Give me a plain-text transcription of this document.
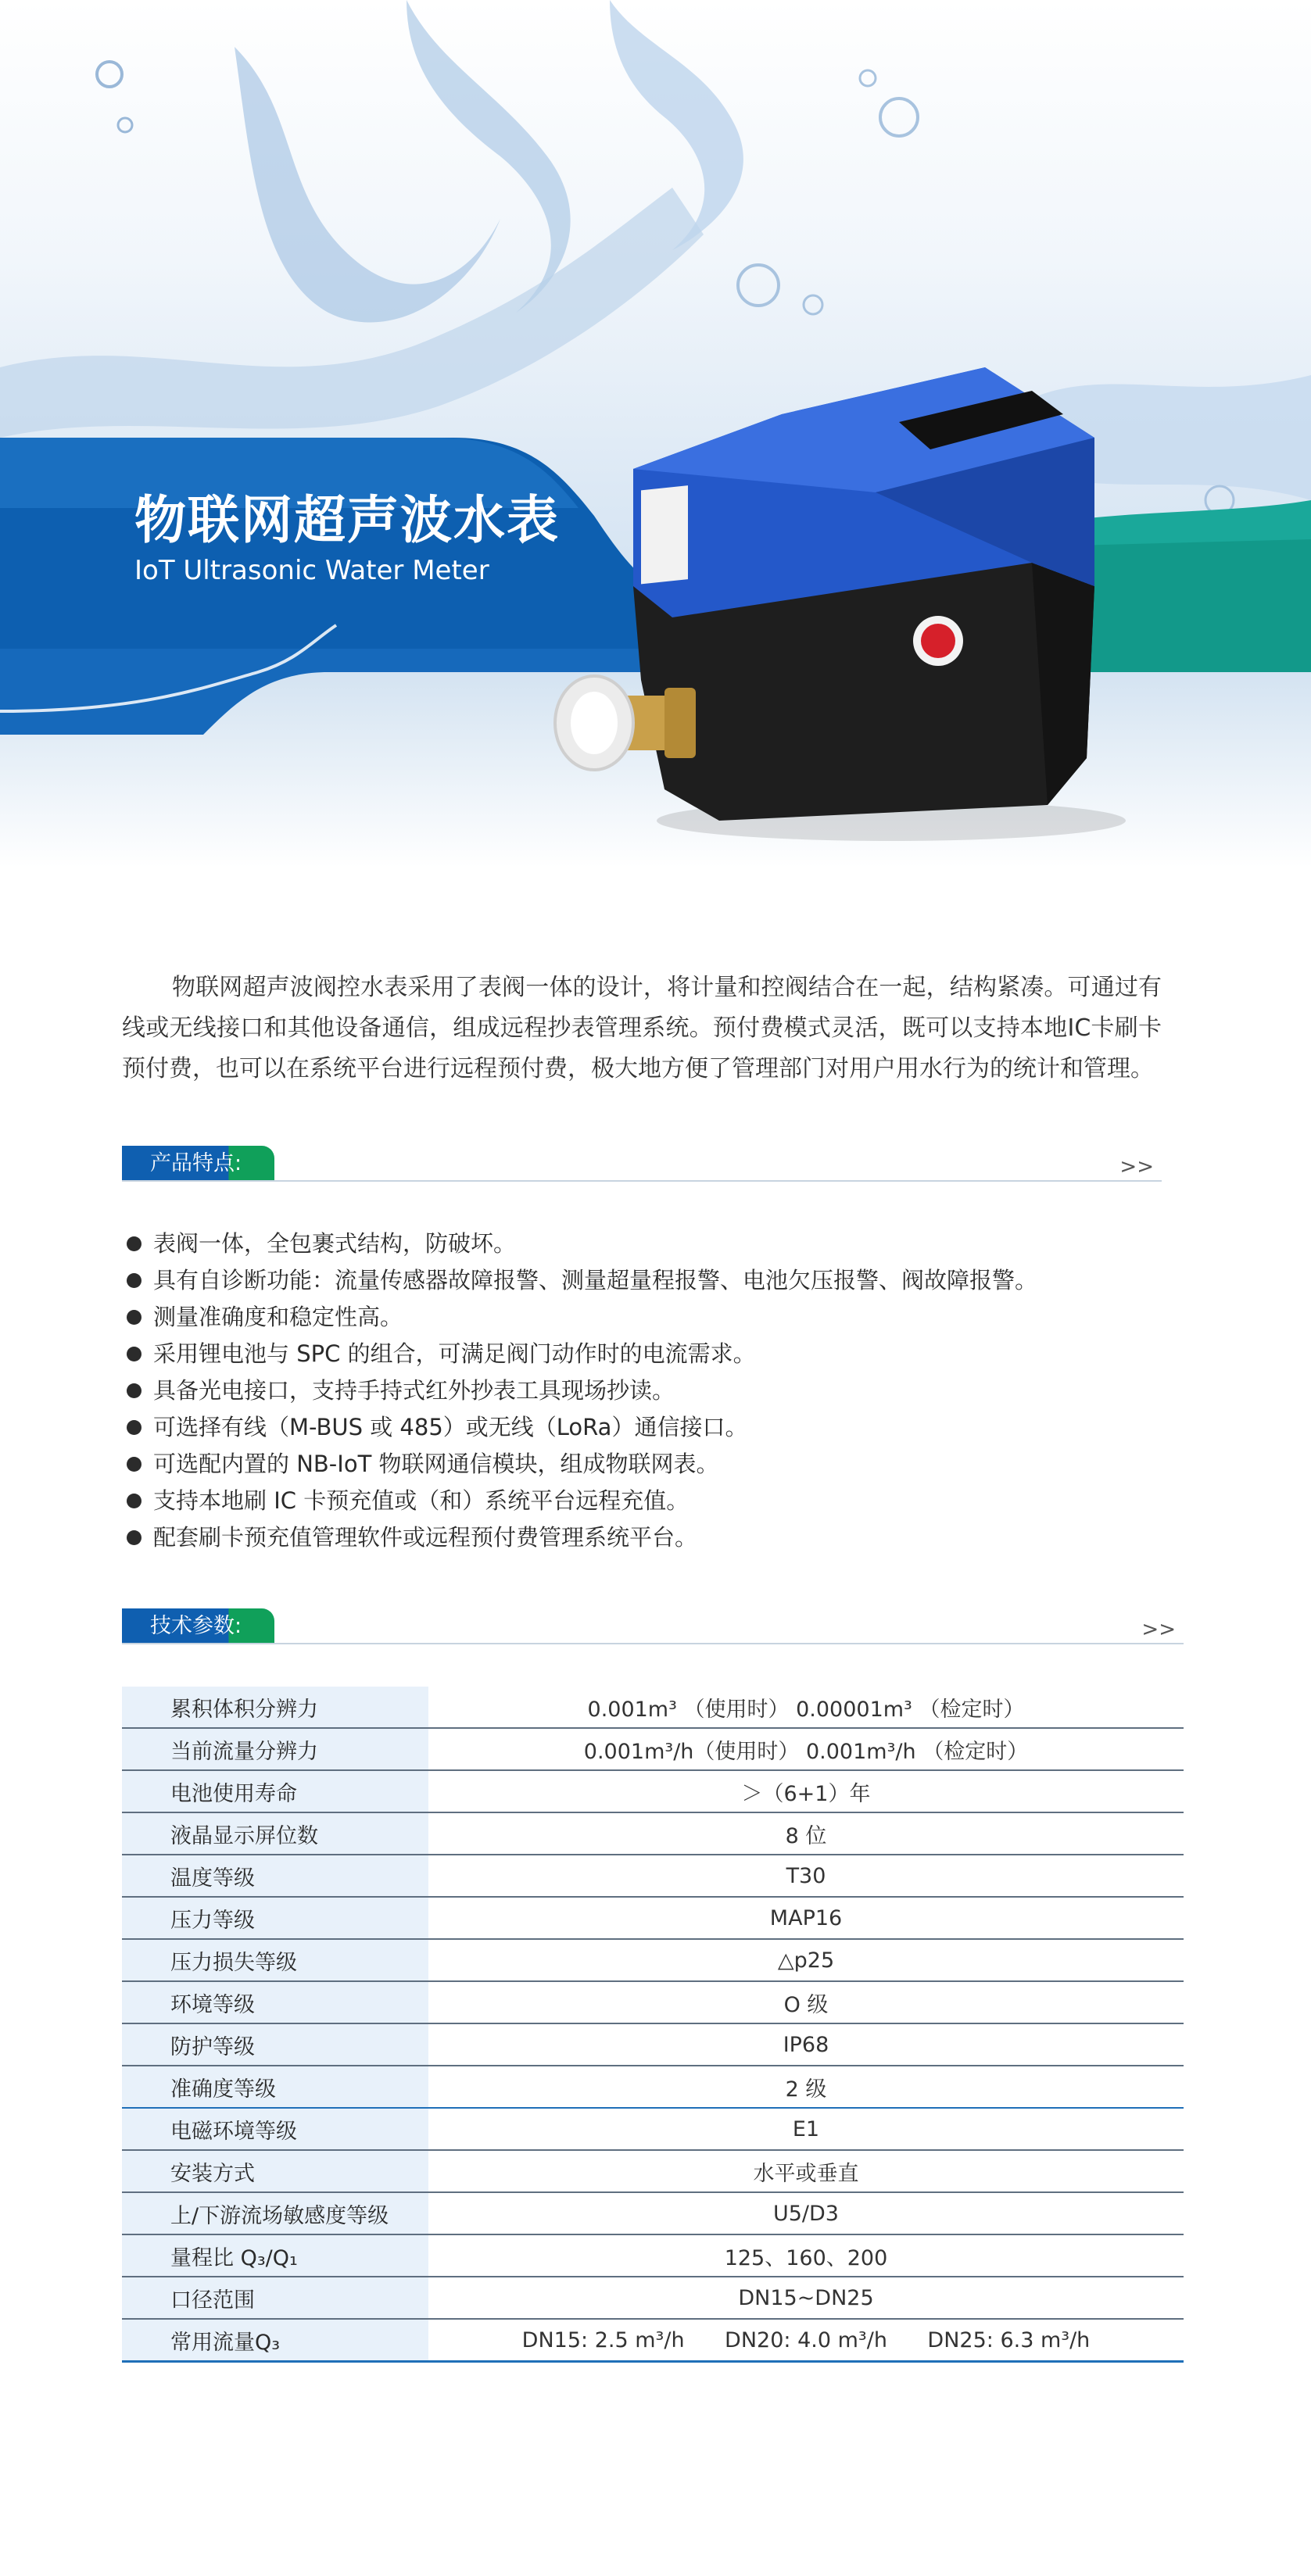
物联网超声波水表
IoT Ultrasonic Water Meter

物联网超声波阀控水表采用了表阀一体的设计，将计量和控阀结合在一起，结构紧凑。可通过有线或无线接口和其他设备通信，组成远程抄表管理系统。预付费模式灵活，既可以支持本地IC卡刷卡预付费，也可以在系统平台进行远程预付费，极大地方便了管理部门对用户用水行为的统计和管理。

产品特点:	>>
表阀一体，全包裹式结构，防破坏。
具有自诊断功能：流量传感器故障报警、测量超量程报警、电池欠压报警、阀故障报警。
测量准确度和稳定性高。
采用锂电池与 SPC 的组合，可满足阀门动作时的电流需求。
具备光电接口，支持手持式红外抄表工具现场抄读。
可选择有线（M-BUS 或 485）或无线（LoRa）通信接口。
可选配内置的 NB-IoT 物联网通信模块，组成物联网表。
支持本地刷 IC 卡预充值或（和）系统平台远程充值。
配套刷卡预充值管理软件或远程预付费管理系统平台。
技术参数:	>>
累积体积分辨力	0.001m³ （使用时） 0.00001m³ （检定时）
当前流量分辨力	0.001m³/h（使用时） 0.001m³/h （检定时）
电池使用寿命	＞（6+1）年
液晶显示屏位数	8 位
温度等级	T30
压力等级	MAP16
压力损失等级	△p25
环境等级	O 级
防护等级	IP68
准确度等级	2 级
电磁环境等级	E1
安装方式	水平或垂直
上/下游流场敏感度等级	U5/D3
量程比 Q₃/Q₁	125、160、200
口径范围	DN15~DN25
常用流量Q₃	DN15: 2.5 m³/h      DN20: 4.0 m³/h      DN25: 6.3 m³/h
